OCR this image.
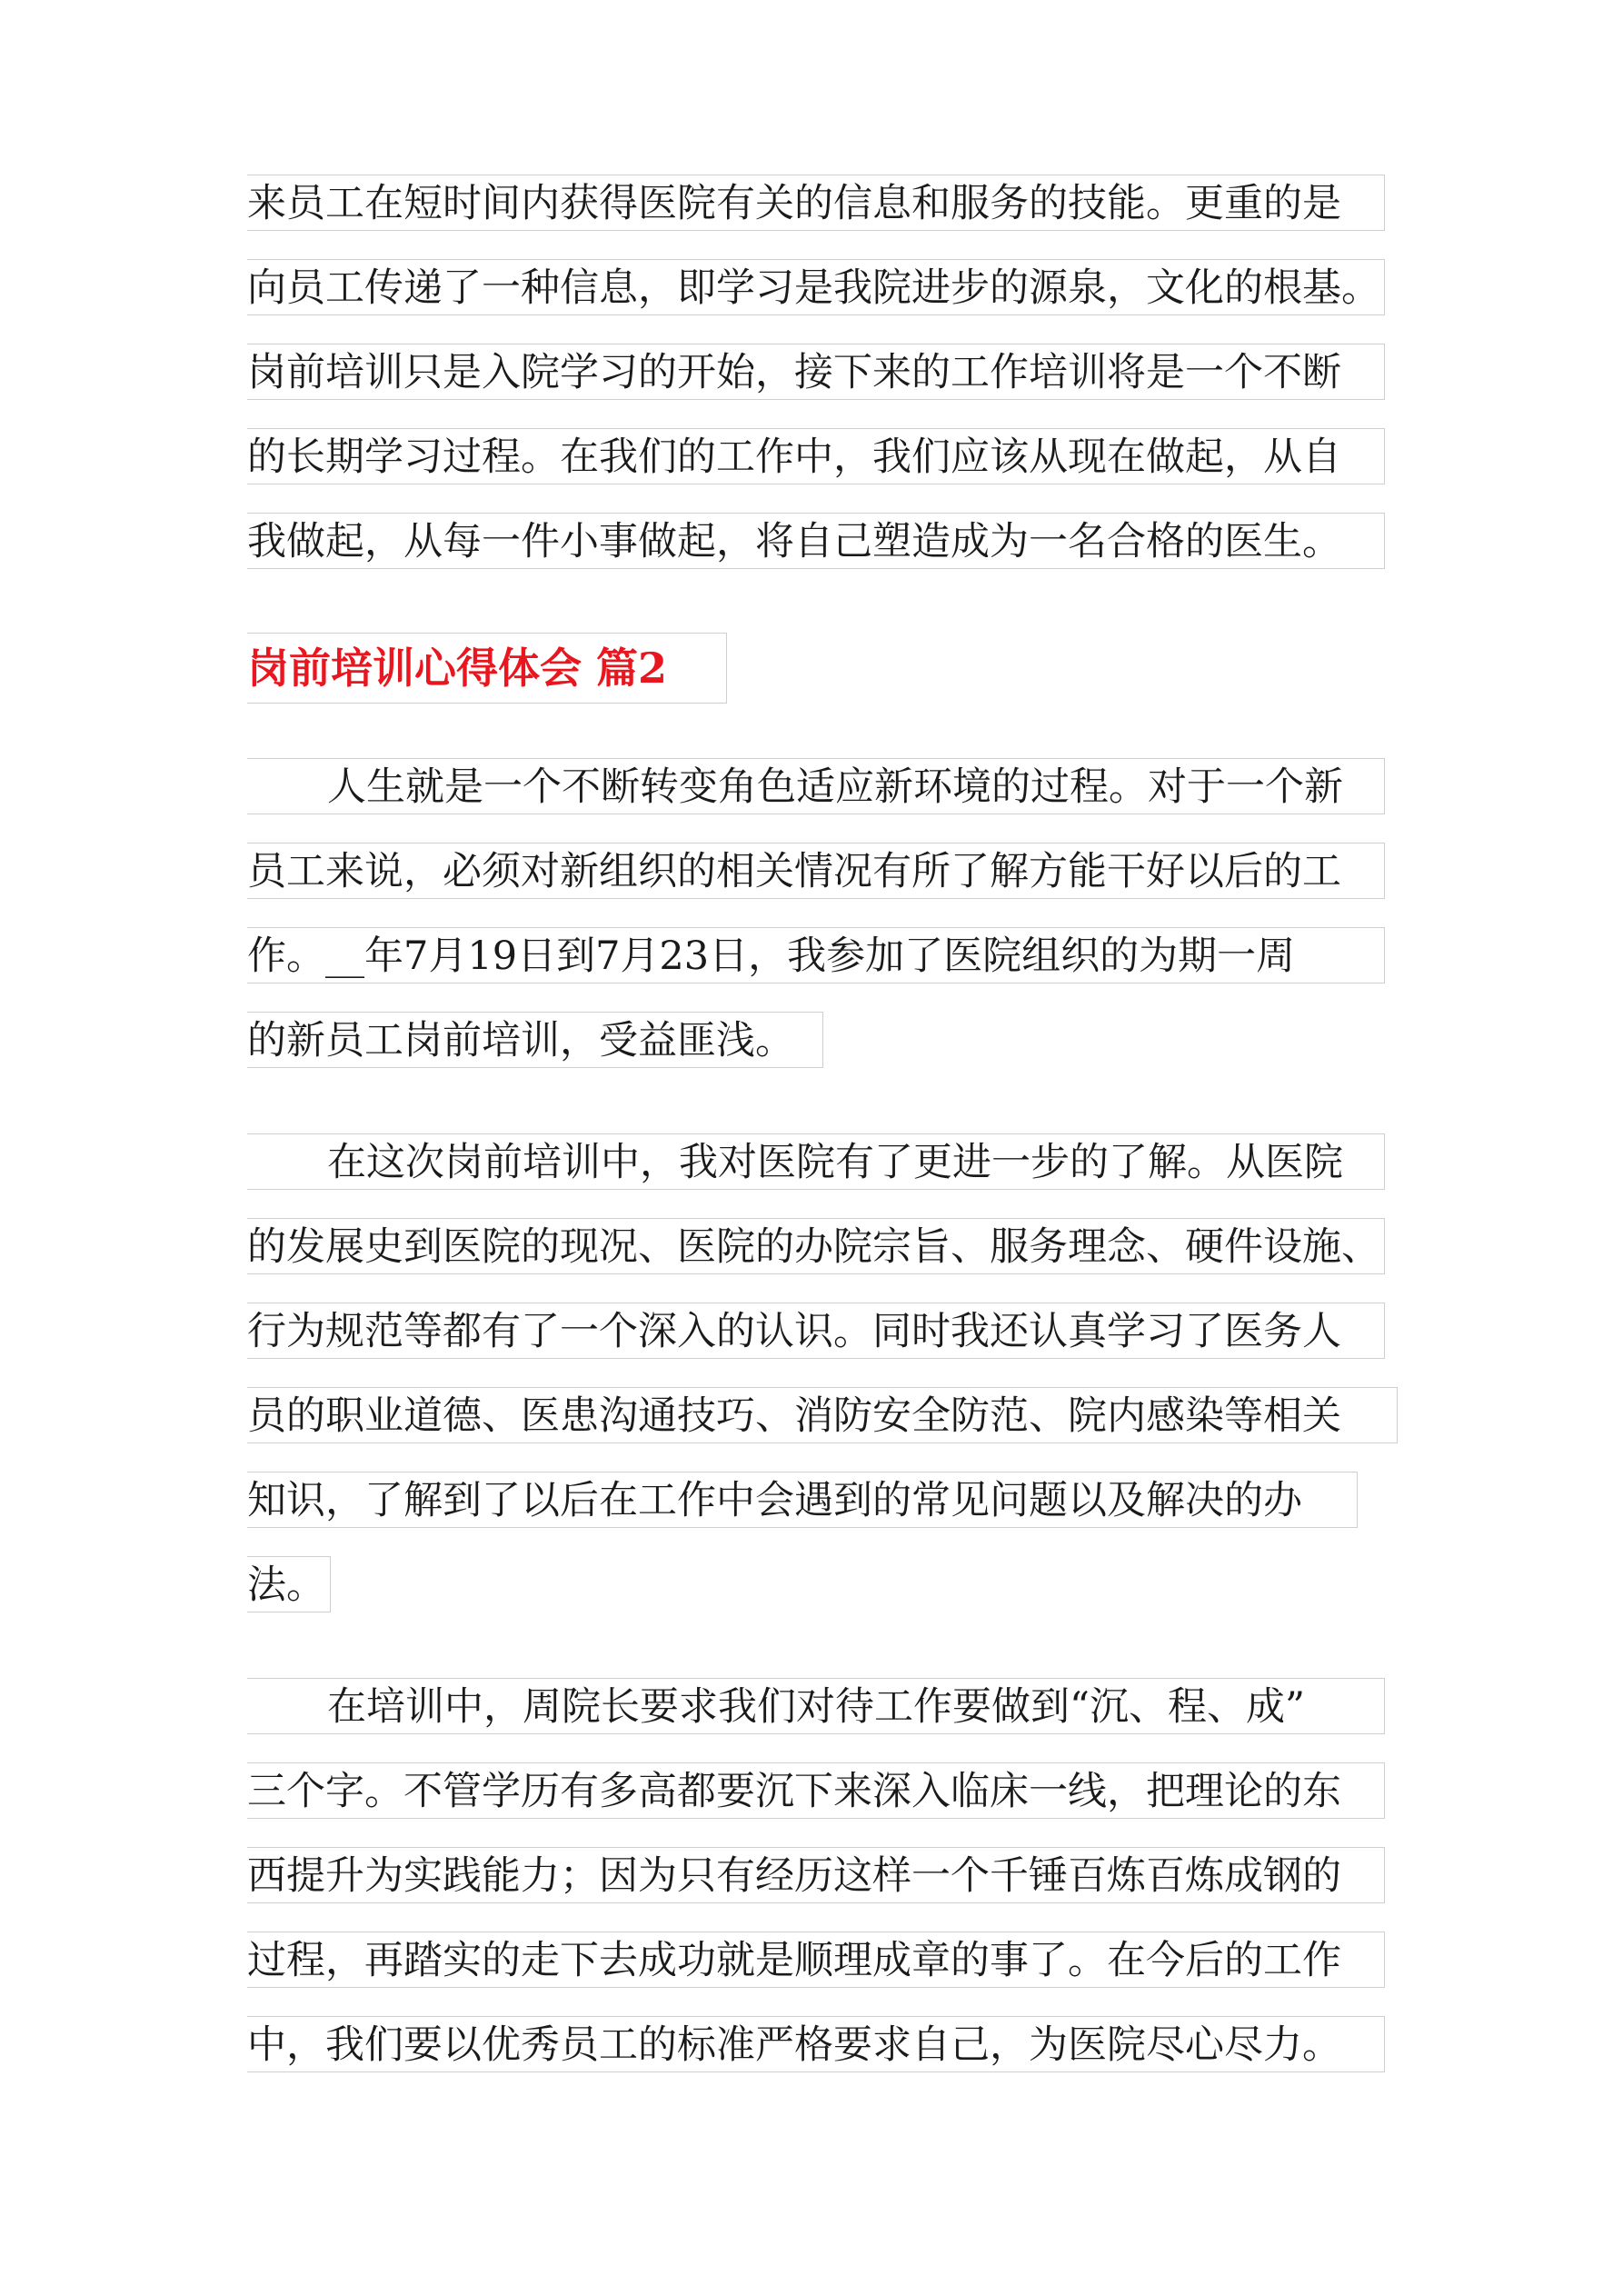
来员工在短时间内获得医院有关的信息和服务的技能。更重的是
向员工传递了一种信息，即学习是我院进步的源泉，文化的根基。
岗前培训只是入院学习的开始，接下来的工作培训将是一个不断
的长期学习过程。在我们的工作中，我们应该从现在做起，从自
我做起，从每一件小事做起，将自己塑造成为一名合格的医生。
岗前培训心得体会 篇2
人生就是一个不断转变角色适应新环境的过程。对于一个新
员工来说，必须对新组织的相关情况有所了解方能干好以后的工
作。__年7月19日到7月23日，我参加了医院组织的为期一周
的新员工岗前培训，受益匪浅。
在这次岗前培训中，我对医院有了更进一步的了解。从医院
的发展史到医院的现况、医院的办院宗旨、服务理念、硬件设施、
行为规范等都有了一个深入的认识。同时我还认真学习了医务人
员的职业道德、医患沟通技巧、消防安全防范、院内感染等相关
知识，了解到了以后在工作中会遇到的常见问题以及解决的办
法。
在培训中，周院长要求我们对待工作要做到“沉、程、成”
三个字。不管学历有多高都要沉下来深入临床一线，把理论的东
西提升为实践能力；因为只有经历这样一个千锤百炼百炼成钢的
过程，再踏实的走下去成功就是顺理成章的事了。在今后的工作
中，我们要以优秀员工的标准严格要求自己，为医院尽心尽力。
